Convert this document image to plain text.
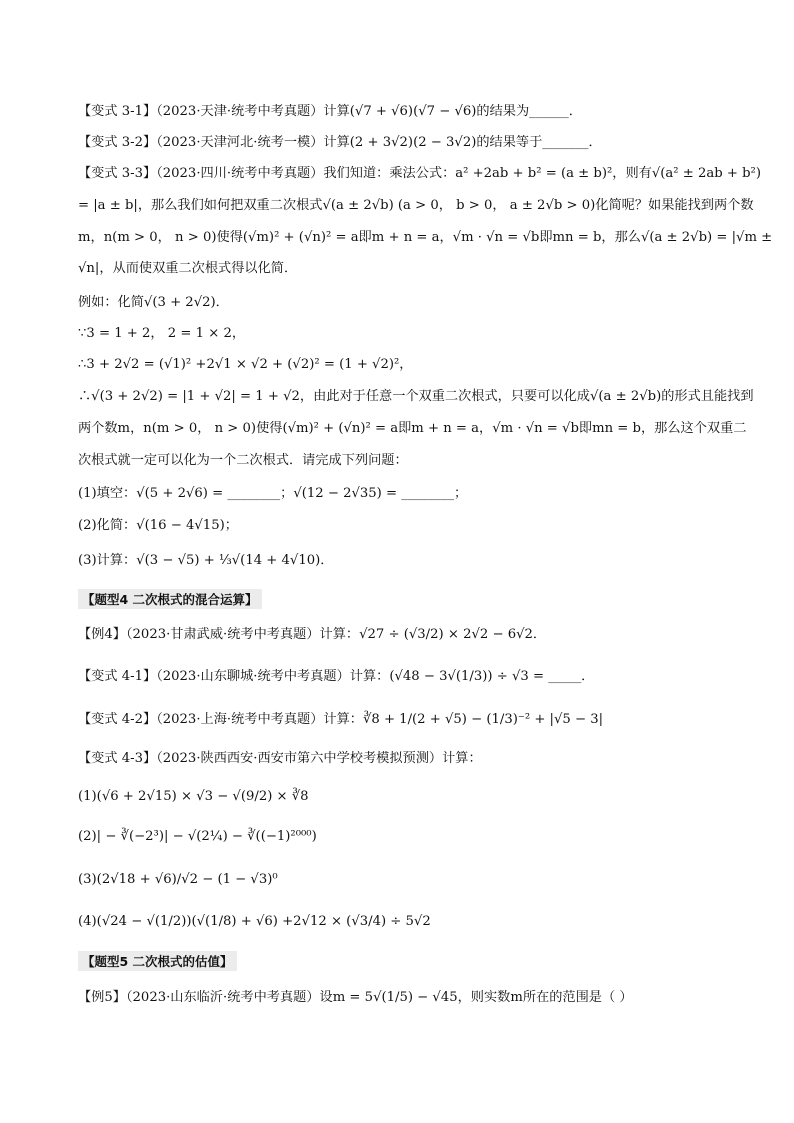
【变式 3-1】（2023·天津·统考中考真题）计算(√7 + √6)(√7 − √6)的结果为______．
【变式 3-2】（2023·天津河北·统考一模）计算(2 + 3√2)(2 − 3√2)的结果等于_______．
【变式 3-3】（2023·四川·统考中考真题）我们知道：乘法公式：a² +2ab + b² = (a ± b)²，则有√(a² ± 2ab + b²)
= |a ± b|，那么我们如何把双重二次根式√(a ± 2√b) (a > 0， b > 0， a ± 2√b > 0)化简呢？如果能找到两个数
m，n(m > 0， n > 0)使得(√m)² + (√n)² = a即m + n = a，√m · √n = √b即mn = b，那么√(a ± 2√b) = |√m ±
√n|，从而使双重二次根式得以化简．
例如：化简√(3 + 2√2)．
∵3 = 1 + 2， 2 = 1 × 2，
∴3 + 2√2 = (√1)² +2√1 × √2 + (√2)² = (1 + √2)²，
∴√(3 + 2√2) = |1 + √2| = 1 + √2，由此对于任意一个双重二次根式，只要可以化成√(a ± 2√b)的形式且能找到
两个数m，n(m > 0， n > 0)使得(√m)² + (√n)² = a即m + n = a，√m · √n = √b即mn = b，那么这个双重二
次根式就一定可以化为一个二次根式．请完成下列问题：
(1)填空：√(5 + 2√6) = ________；√(12 − 2√35) = ________；
(2)化简：√(16 − 4√15)；
(3)计算：√(3 − √5) + ⅓√(14 + 4√10)．
【题型4 二次根式的混合运算】
【例4】（2023·甘肃武威·统考中考真题）计算：√27 ÷ (√3/2) × 2√2 − 6√2．
【变式 4-1】（2023·山东聊城·统考中考真题）计算：(√48 − 3√(1/3)) ÷ √3 = _____．
【变式 4-2】（2023·上海·统考中考真题）计算：∛8 + 1/(2 + √5) − (1/3)⁻² + |√5 − 3|
【变式 4-3】（2023·陕西西安·西安市第六中学校考模拟预测）计算：
(1)(√6 + 2√15) × √3 − √(9/2) × ∛8
(2)| − ∛(−2³)| − √(2¼) − ∛((−1)²⁰⁰⁰)
(3)(2√18 + √6)/√2 − (1 − √3)⁰
(4)(√24 − √(1/2))(√(1/8) + √6) +2√12 × (√3/4) ÷ 5√2
【题型5 二次根式的估值】
【例5】（2023·山东临沂·统考中考真题）设m = 5√(1/5) − √45，则实数m所在的范围是（ ）
